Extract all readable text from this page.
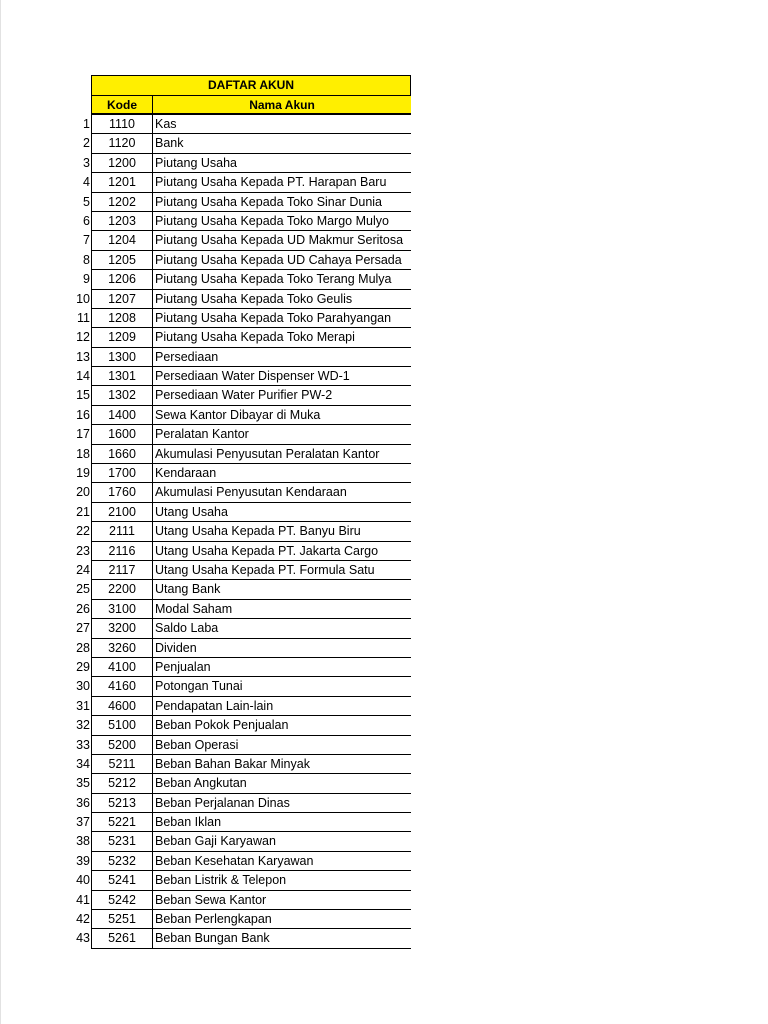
DAFTAR AKUN
Kode	Nama Akun
1	1110	Kas
2	1120	Bank
3	1200	Piutang Usaha
4	1201	Piutang Usaha Kepada PT. Harapan Baru
5	1202	Piutang Usaha Kepada Toko Sinar Dunia
6	1203	Piutang Usaha Kepada Toko Margo Mulyo
7	1204	Piutang Usaha Kepada UD Makmur Seritosa
8	1205	Piutang Usaha Kepada UD Cahaya Persada
9	1206	Piutang Usaha Kepada Toko Terang Mulya
10	1207	Piutang Usaha Kepada Toko Geulis
11	1208	Piutang Usaha Kepada Toko Parahyangan
12	1209	Piutang Usaha Kepada Toko Merapi
13	1300	Persediaan
14	1301	Persediaan Water Dispenser WD-1
15	1302	Persediaan Water Purifier PW-2
16	1400	Sewa Kantor Dibayar di Muka
17	1600	Peralatan Kantor
18	1660	Akumulasi Penyusutan Peralatan Kantor
19	1700	Kendaraan
20	1760	Akumulasi Penyusutan Kendaraan
21	2100	Utang Usaha
22	2111	Utang Usaha Kepada PT. Banyu Biru
23	2116	Utang Usaha Kepada PT. Jakarta Cargo
24	2117	Utang Usaha Kepada PT. Formula Satu
25	2200	Utang Bank
26	3100	Modal Saham
27	3200	Saldo Laba
28	3260	Dividen
29	4100	Penjualan
30	4160	Potongan Tunai
31	4600	Pendapatan Lain-lain
32	5100	Beban Pokok Penjualan
33	5200	Beban Operasi
34	5211	Beban Bahan Bakar Minyak
35	5212	Beban Angkutan
36	5213	Beban Perjalanan Dinas
37	5221	Beban Iklan
38	5231	Beban Gaji Karyawan
39	5232	Beban Kesehatan Karyawan
40	5241	Beban Listrik & Telepon
41	5242	Beban Sewa Kantor
42	5251	Beban Perlengkapan
43	5261	Beban Bungan Bank
